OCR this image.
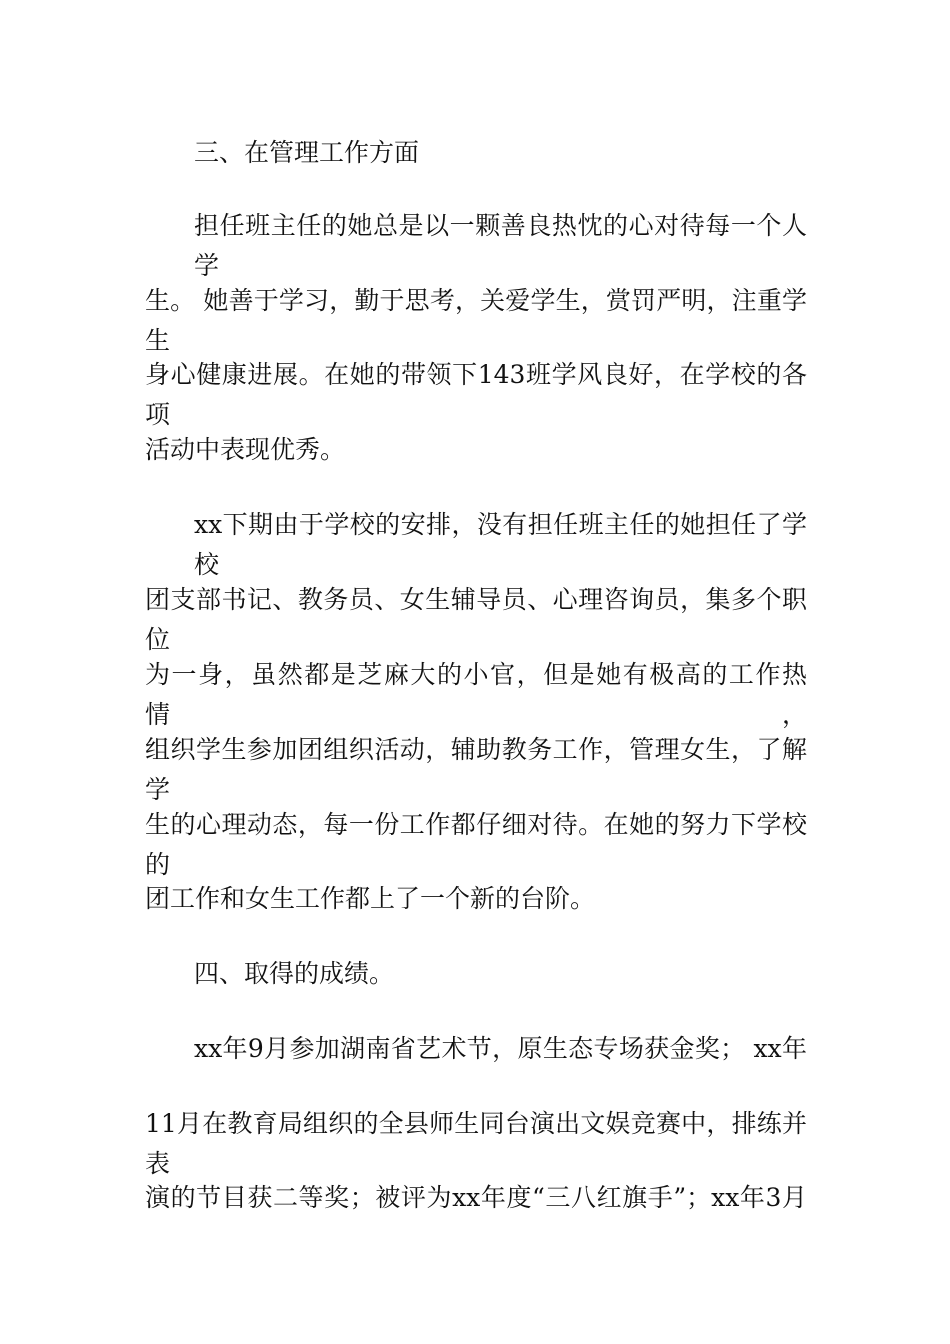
三、在管理工作方面
担任班主任的她总是以一颗善良热忱的心对待每一个人学
生。 她善于学习，勤于思考，关爱学生，赏罚严明，注重学生
身心健康进展。在她的带领下143班学风良好，在学校的各项
活动中表现优秀。
xx下期由于学校的安排，没有担任班主任的她担任了学校
团支部书记、教务员、女生辅导员、心理咨询员，集多个职位
为一身，虽然都是芝麻大的小官，但是她有极高的工作热情，
组织学生参加团组织活动，辅助教务工作，管理女生，了解学
生的心理动态，每一份工作都仔细对待。在她的努力下学校的
团工作和女生工作都上了一个新的台阶。
四、取得的成绩。
xx年9月参加湖南省艺术节，原生态专场获金奖； xx年
11月在教育局组织的全县师生同台演出文娱竞赛中，排练并表
演的节目获二等奖；被评为xx年度“三八红旗手”；xx年3月
